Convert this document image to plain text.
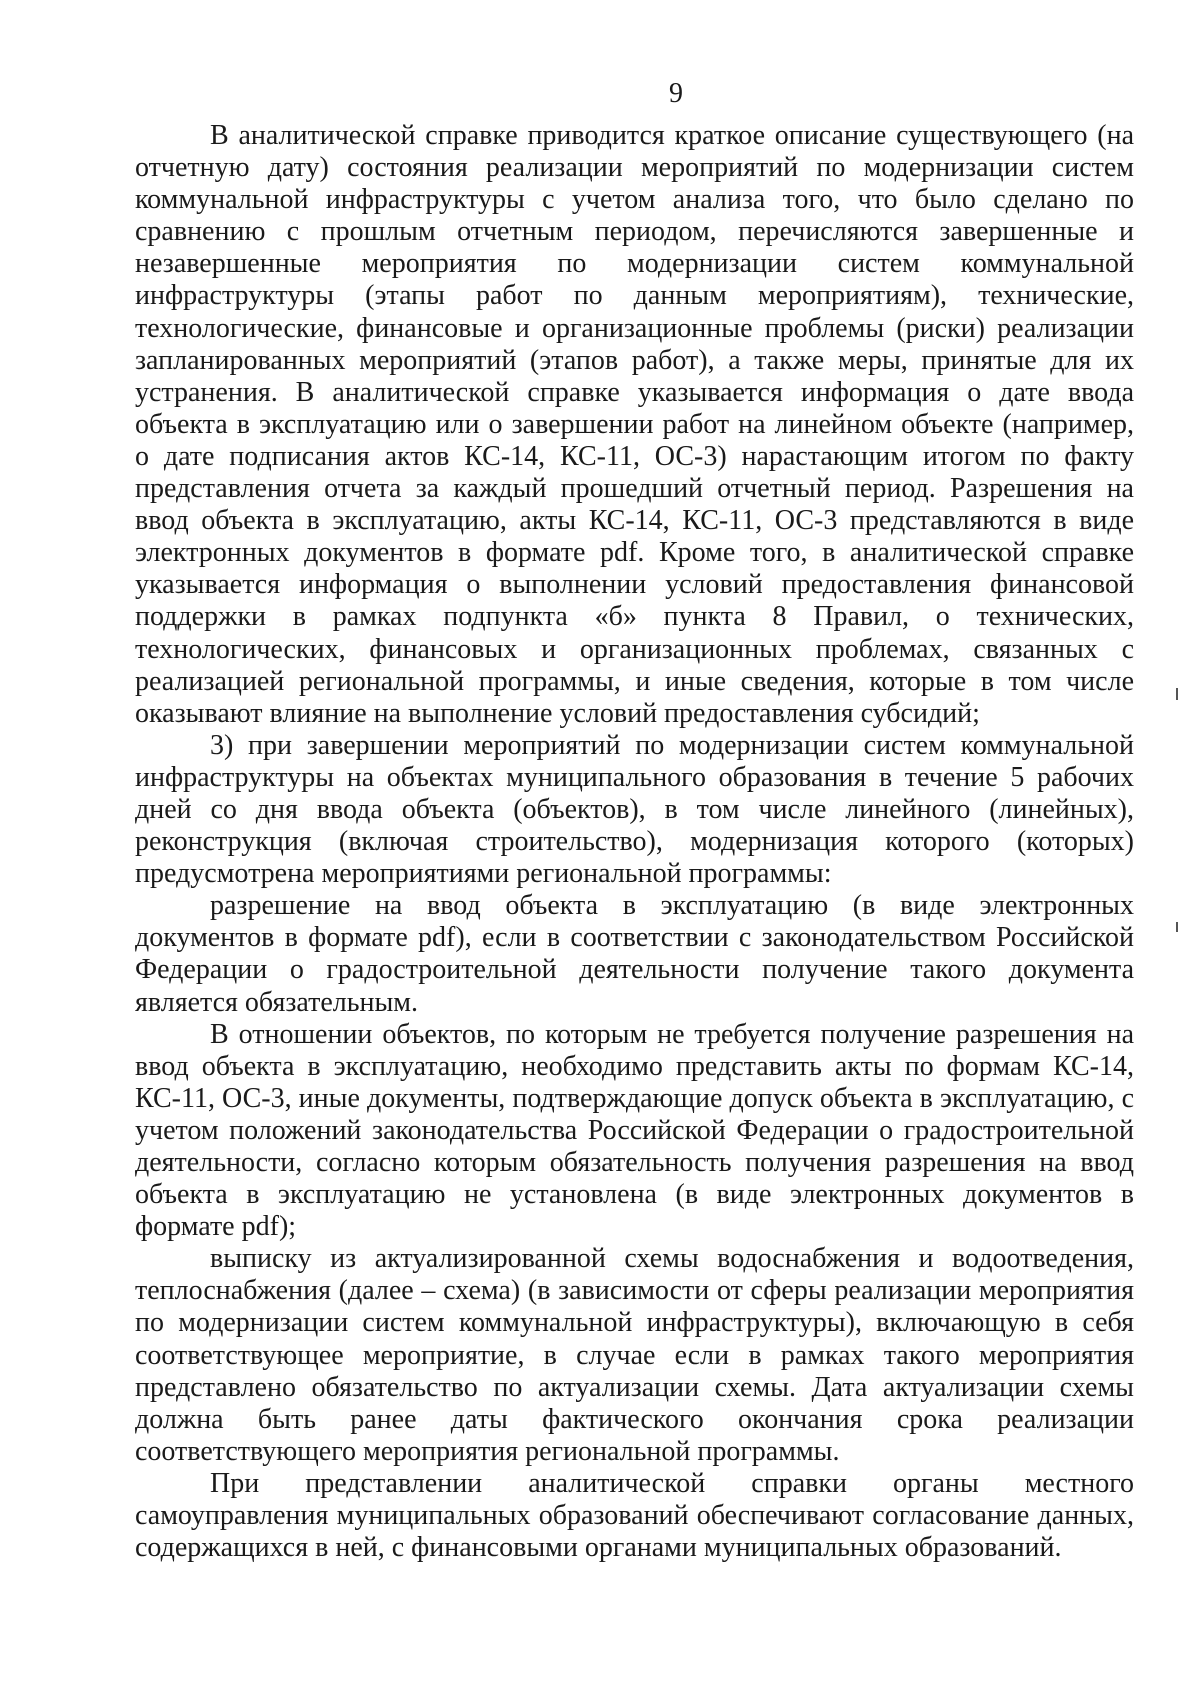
9

В аналитической справке приводится краткое описание существующего (на отчетную дату) состояния реализации мероприятий по модернизации систем коммунальной инфраструктуры с учетом анализа того, что было сделано по сравнению с прошлым отчетным периодом, перечисляются завершенные и незавершенные мероприятия по модернизации систем коммунальной инфраструктуры (этапы работ по данным мероприятиям), технические, технологические, финансовые и организационные проблемы (риски) реализации запланированных мероприятий (этапов работ), а также меры, принятые для их устранения. В аналитической справке указывается информация о дате ввода объекта в эксплуатацию или о завершении работ на линейном объекте (например, о дате подписания актов КС-14, КС-11, ОС-3) нарастающим итогом по факту представления отчета за каждый прошедший отчетный период. Разрешения на ввод объекта в эксплуатацию, акты КС-14, КС-11, ОС-3 представляются в виде электронных документов в формате pdf. Кроме того, в аналитической справке указывается информация о выполнении условий предоставления финансовой поддержки в рамках подпункта «б» пункта 8 Правил, о технических, технологических, финансовых и организационных проблемах, связанных с реализацией региональной программы, и иные сведения, которые в том числе оказывают влияние на выполнение условий предоставления субсидий;

3) при завершении мероприятий по модернизации систем коммунальной инфраструктуры на объектах муниципального образования в течение 5 рабочих дней со дня ввода объекта (объектов), в том числе линейного (линейных), реконструкция (включая строительство), модернизация которого (которых) предусмотрена мероприятиями региональной программы:

разрешение на ввод объекта в эксплуатацию (в виде электронных документов в формате pdf), если в соответствии с законодательством Российской Федерации о градостроительной деятельности получение такого документа является обязательным.

В отношении объектов, по которым не требуется получение разрешения на ввод объекта в эксплуатацию, необходимо представить акты по формам КС-14, КС-11, ОС-3, иные документы, подтверждающие допуск объекта в эксплуатацию, с учетом положений законодательства Российской Федерации о градостроительной деятельности, согласно которым обязательность получения разрешения на ввод объекта в эксплуатацию не установлена (в виде электронных документов в формате pdf);

выписку из актуализированной схемы водоснабжения и водоотведения, теплоснабжения (далее – схема) (в зависимости от сферы реализации мероприятия по модернизации систем коммунальной инфраструктуры), включающую в себя соответствующее мероприятие, в случае если в рамках такого мероприятия представлено обязательство по актуализации схемы. Дата актуализации схемы должна быть ранее даты фактического окончания срока реализации соответствующего мероприятия региональной программы.

При представлении аналитической справки органы местного самоуправления муниципальных образований обеспечивают согласование данных, содержащихся в ней, с финансовыми органами муниципальных образований.
